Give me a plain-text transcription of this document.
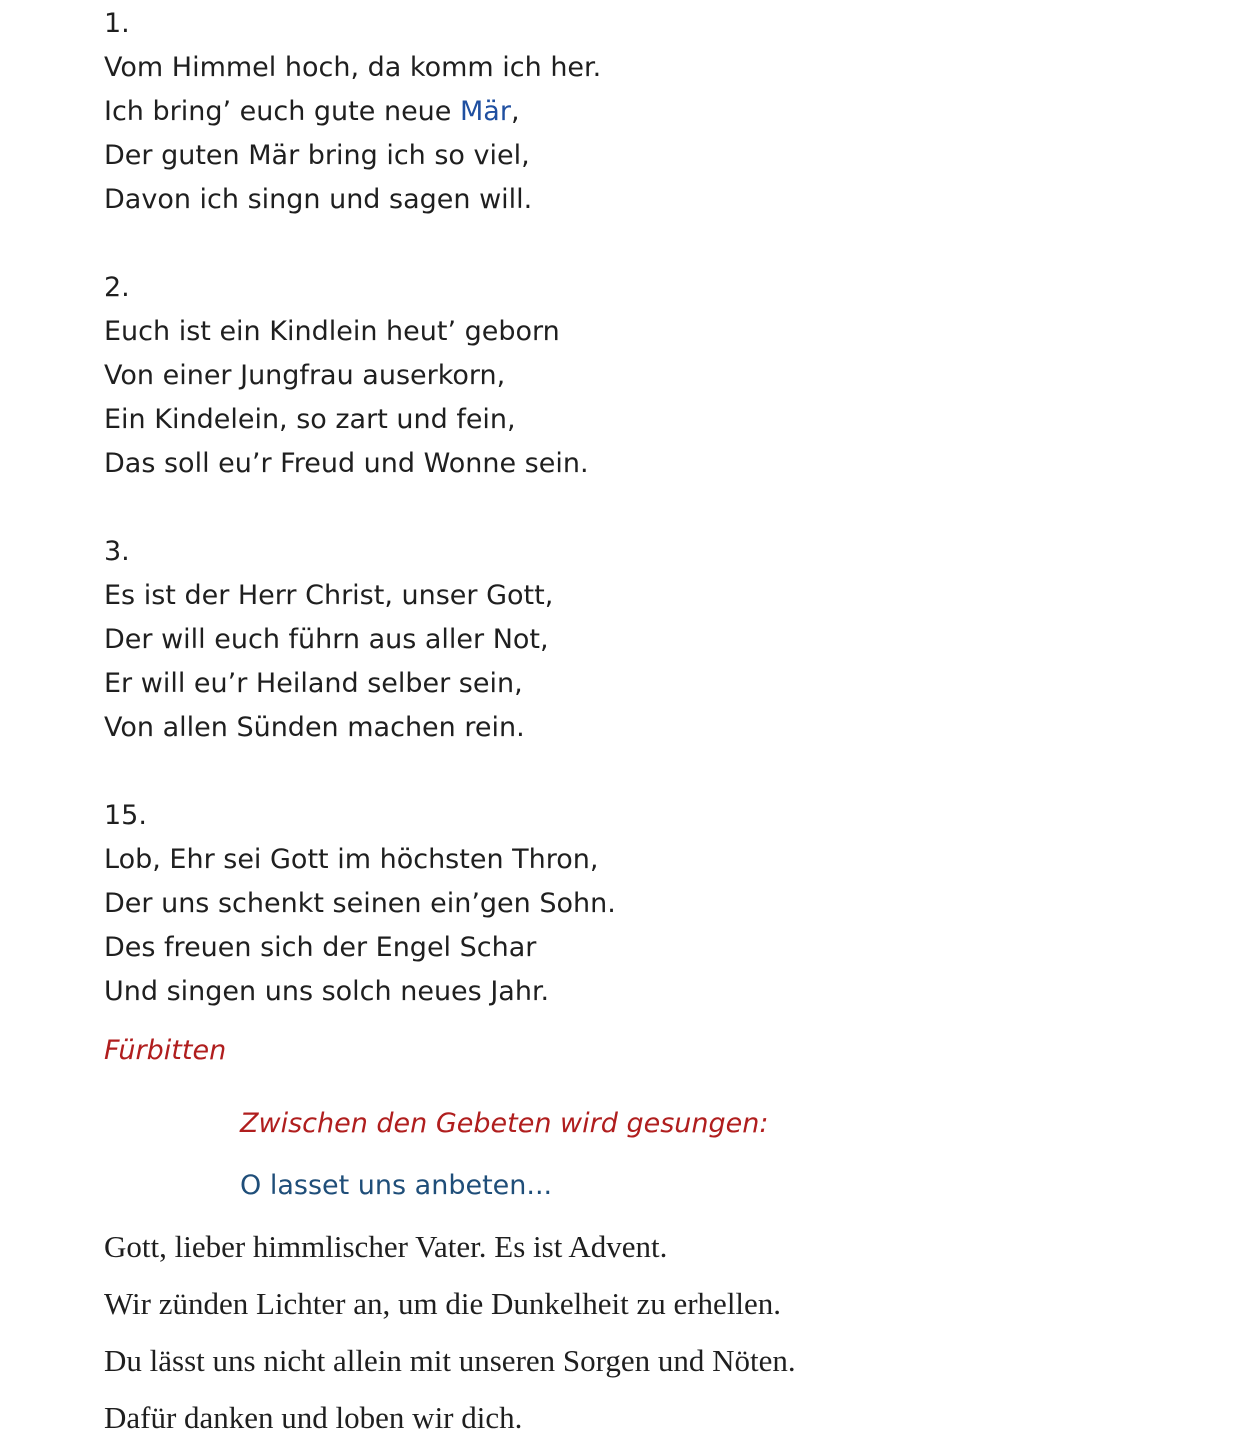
1.
Vom Himmel hoch, da komm ich her.
Ich bring’ euch gute neue Mär,
Der guten Mär bring ich so viel,
Davon ich singn und sagen will.
2.
Euch ist ein Kindlein heut’ geborn
Von einer Jungfrau auserkorn,
Ein Kindelein, so zart und fein,
Das soll eu’r Freud und Wonne sein.
3.
Es ist der Herr Christ, unser Gott,
Der will euch führn aus aller Not,
Er will eu’r Heiland selber sein,
Von allen Sünden machen rein.
15.
Lob, Ehr sei Gott im höchsten Thron,
Der uns schenkt seinen ein’gen Sohn.
Des freuen sich der Engel Schar
Und singen uns solch neues Jahr.
Fürbitten
Zwischen den Gebeten wird gesungen:
O lasset uns anbeten...
Gott, lieber himmlischer Vater. Es ist Advent.
Wir zünden Lichter an, um die Dunkelheit zu erhellen.
Du lässt uns nicht allein mit unseren Sorgen und Nöten.
Dafür danken und loben wir dich.
